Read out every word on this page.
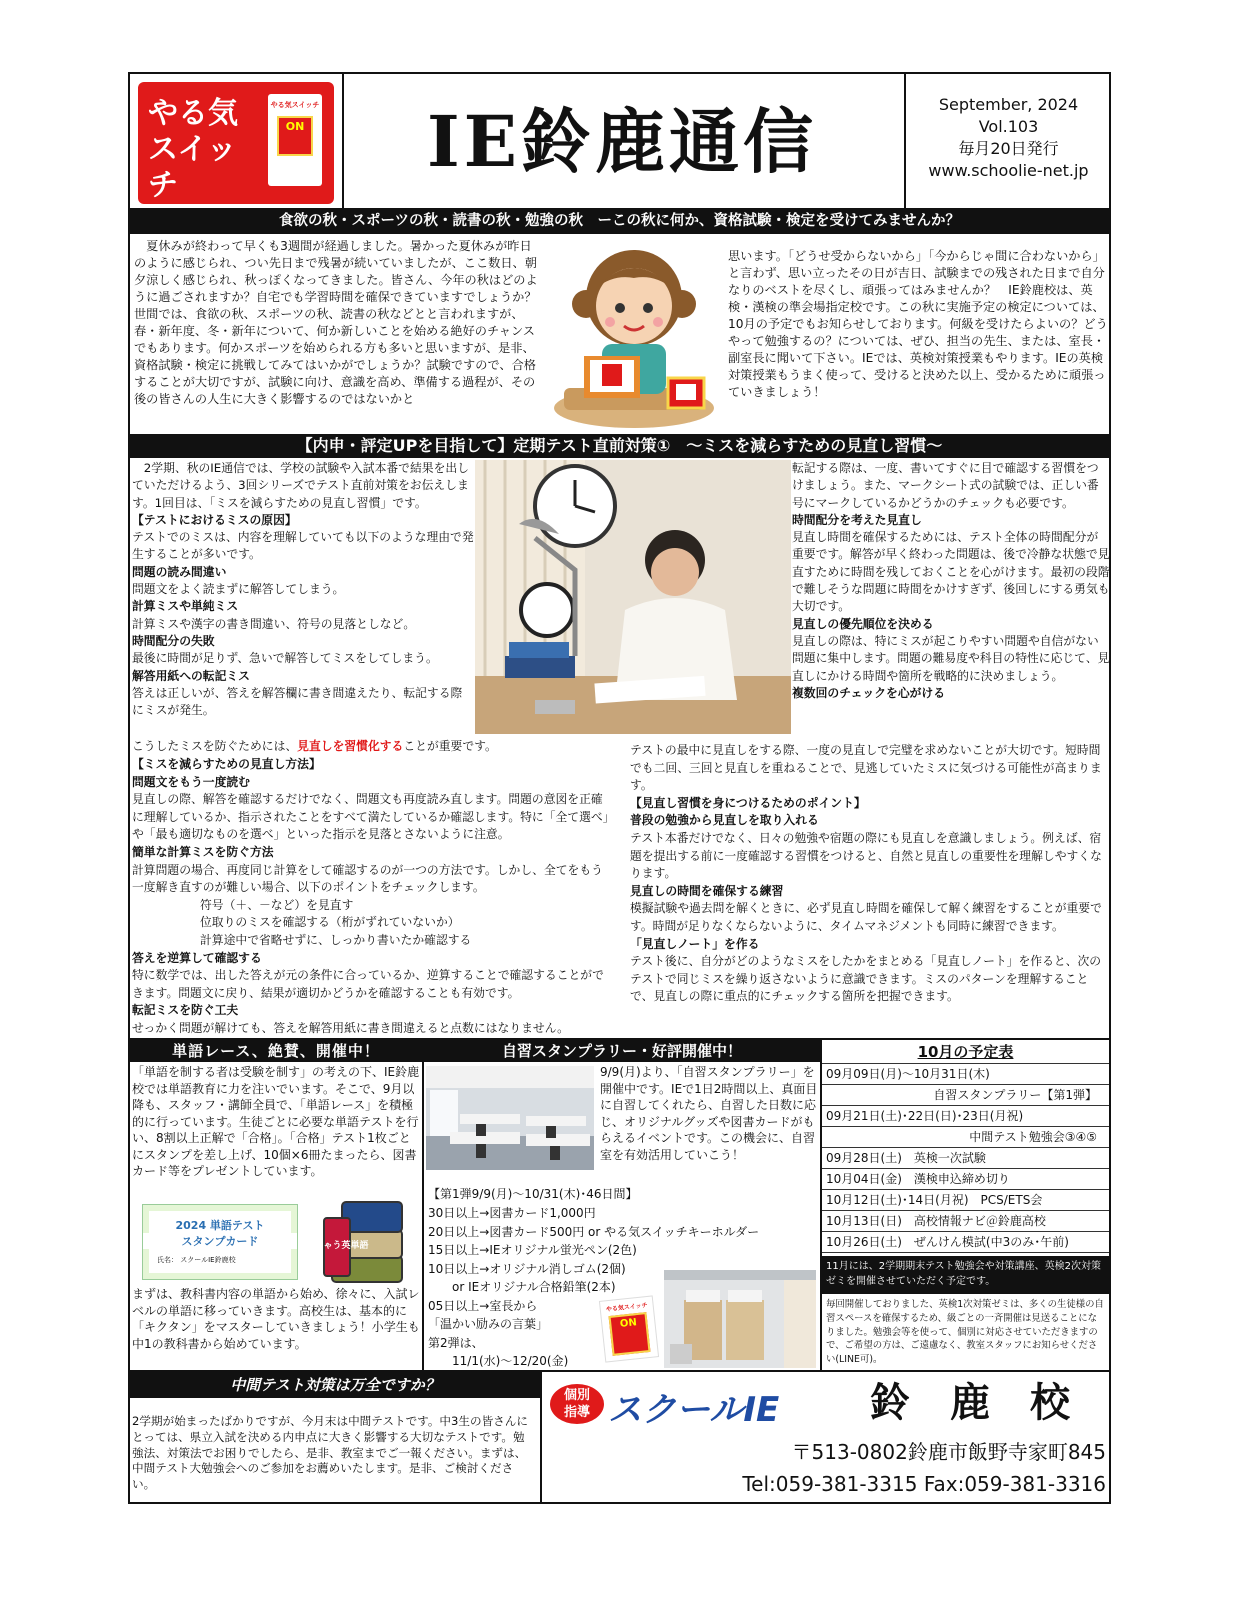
やる気
スイッチ
やる気スイッチ
ON	IE鈴鹿通信	September, 2024
Vol.103
毎月20日発行
www.schoolie-net.jp
食欲の秋・スポーツの秋・読書の秋・勉強の秋　ーこの秋に何か、資格試験・検定を受けてみませんか？
　夏休みが終わって早くも3週間が経過しました。暑かった夏休みが昨日のように感じられ、つい先日まで残暑が続いていましたが、ここ数日、朝夕涼しく感じられ、秋っぽくなってきました。皆さん、今年の秋はどのように過ごされますか？自宅でも学習時間を確保できていますでしょうか？世間では、食欲の秋、スポーツの秋、読書の秋などとと言われますが、春・新年度、冬・新年について、何か新しいことを始める絶好のチャンスでもあります。何かスポーツを始められる方も多いと思いますが、是非、資格試験・検定に挑戦してみてはいかがでしょうか？試験ですので、合格することが大切ですが、試験に向け、意識を高め、準備する過程が、その後の皆さんの人生に大きく影響するのではないかと
思います。「どうせ受からないから」「今からじゃ間に合わないから」と言わず、思い立ったその日が吉日、試験までの残された日まで自分なりのベストを尽くし、頑張ってはみませんか？　IE鈴鹿校は、英検・漢検の準会場指定校です。この秋に実施予定の検定については、10月の予定でもお知らせしております。何級を受けたらよいの？どうやって勉強するの？については、ぜひ、担当の先生、または、室長・副室長に聞いて下さい。IEでは、英検対策授業もやります。IEの英検対策授業もうまく使って、受けると決めた以上、受かるために頑張っていきましょう！
【内申・評定UPを目指して】定期テスト直前対策①　～ミスを減らすための見直し習慣～

　2学期、秋のIE通信では、学校の試験や入試本番で結果を出していただけるよう、3回シリーズでテスト直前対策をお伝えします。1回目は、「ミスを減らすための見直し習慣」です。

【テストにおけるミスの原因】

テストでのミスは、内容を理解していても以下のような理由で発生することが多いです。

問題の読み間違い

問題文をよく読まずに解答してしまう。

計算ミスや単純ミス

計算ミスや漢字の書き間違い、符号の見落としなど。

時間配分の失敗

最後に時間が足りず、急いで解答してミスをしてしまう。

解答用紙への転記ミス

答えは正しいが、答えを解答欄に書き間違えたり、転記する際にミスが発生。

転記する際は、一度、書いてすぐに目で確認する習慣をつけましょう。また、マークシート式の試験では、正しい番号にマークしているかどうかのチェックも必要です。

時間配分を考えた見直し

見直し時間を確保するためには、テスト全体の時間配分が重要です。解答が早く終わった問題は、後で冷静な状態で見直すために時間を残しておくことを心がけます。最初の段階で難しそうな問題に時間をかけすぎず、後回しにする勇気も大切です。

見直しの優先順位を決める

見直しの際は、特にミスが起こりやすい問題や自信がない問題に集中します。問題の難易度や科目の特性に応じて、見直しにかける時間や箇所を戦略的に決めましょう。

複数回のチェックを心がける

こうしたミスを防ぐためには、見直しを習慣化することが重要です。

【ミスを減らすための見直し方法】

問題文をもう一度読む

見直しの際、解答を確認するだけでなく、問題文も再度読み直します。問題の意図を正確に理解しているか、指示されたことをすべて満たしているか確認します。特に「全て選べ」や「最も適切なものを選べ」といった指示を見落とさないように注意。

簡単な計算ミスを防ぐ方法

計算問題の場合、再度同じ計算をして確認するのが一つの方法です。しかし、全てをもう一度解き直すのが難しい場合、以下のポイントをチェックします。

符号（＋、－など）を見直す

位取りのミスを確認する（桁がずれていないか）

計算途中で省略せずに、しっかり書いたか確認する

答えを逆算して確認する

特に数学では、出した答えが元の条件に合っているか、逆算することで確認することができます。問題文に戻り、結果が適切かどうかを確認することも有効です。

転記ミスを防ぐ工夫

せっかく問題が解けても、答えを解答用紙に書き間違えると点数にはなりません。

テストの最中に見直しをする際、一度の見直しで完璧を求めないことが大切です。短時間でも二回、三回と見直しを重ねることで、見逃していたミスに気づける可能性が高まります。

【見直し習慣を身につけるためのポイント】

普段の勉強から見直しを取り入れる

テスト本番だけでなく、日々の勉強や宿題の際にも見直しを意識しましょう。例えば、宿題を提出する前に一度確認する習慣をつけると、自然と見直しの重要性を理解しやすくなります。

見直しの時間を確保する練習

模擬試験や過去問を解くときに、必ず見直し時間を確保して解く練習をすることが重要です。時間が足りなくならないように、タイムマネジメントも同時に練習できます。

「見直しノート」を作る

テスト後に、自分がどのようなミスをしたかをまとめる「見直しノート」を作ると、次のテストで同じミスを繰り返さないように意識できます。ミスのパターンを理解することで、見直しの際に重点的にチェックする箇所を把握できます。

単語レース、絶賛、開催中！
「単語を制する者は受験を制す」の考えの下、IE鈴鹿校では単語教育に力を注いでいます。そこで、9月以降も、スタッフ・講師全員で、「単語レース」を積極的に行っています。生徒ごとに必要な単語テストを行い、8割以上正解で「合格」。「合格」テスト1枚ごとにスタンプを差し上げ、10個×6冊たまったら、図書カード等をプレゼントしています。
2024 単語テスト
スタンプカード
氏名： スクールIE鈴鹿校
出ちゃう英単語
まずは、教科書内容の単語から始め、徐々に、入試レベルの単語に移っていきます。高校生は、基本的に「キクタン」をマスターしていきましょう！小学生も中1の教科書から始めています。
自習スタンプラリー・好評開催中！
9/9(月)より、「自習スタンプラリー」を開催中です。IEで1日2時間以上、真面目に自習してくれたら、自習した日数に応じ、オリジナルグッズや図書カードがもらえるイベントです。この機会に、自習室を有効活用していこう！
【第1弾9/9(月)～10/31(木)･46日間】
30日以上→図書カード1,000円
20日以上→図書カード500円 or やる気スイッチキーホルダー
15日以上→IEオリジナル蛍光ペン(2色)
10日以上→オリジナル消しゴム(2個)
　　or IEオリジナル合格鉛筆(2本)
05日以上→室長から
「温かい励みの言葉」
第2弾は、
　　11/1(水)～12/20(金)
やる気スイッチ
ON
10月の予定表
09月09日(月)～10月31日(木)
自習スタンプラリー【第1弾】
09月21日(土)･22日(日)･23日(月祝)
中間テスト勉強会③④⑤
09月28日(土)　英検一次試験
10月04日(金)　漢検申込締め切り
10月12日(土)･14日(月祝)　PCS/ETS会
10月13日(日)　高校情報ナビ＠鈴鹿高校
10月26日(土)　ぜんけん模試(中3のみ･午前)
11月には、2学期期末テスト勉強会や対策講座、英検2次対策ゼミを開催させていただく予定です。
毎回開催しておりました、英検1次対策ゼミは、多くの生徒様の自習スペースを確保するため、級ごとの一斉開催は見送ることになりました。勉強会等を使って、個別に対応させていただきますので、ご希望の方は、ご遠慮なく、教室スタッフにお知らせください(LINE可)。
中間テスト対策は万全ですか？
2学期が始まったばかりですが、今月末は中間テストです。中3生の皆さんにとっては、県立入試を決める内申点に大きく影響する大切なテストです。勉強法、対策法でお困りでしたら、是非、教室までご一報ください。まずは、中間テスト大勉強会へのご参加をお薦めいたします。是非、ご検討ください。
個別
指導 スクールIE	鈴　鹿　校
〒513-0802鈴鹿市飯野寺家町845
Tel:059-381-3315 Fax:059-381-3316
